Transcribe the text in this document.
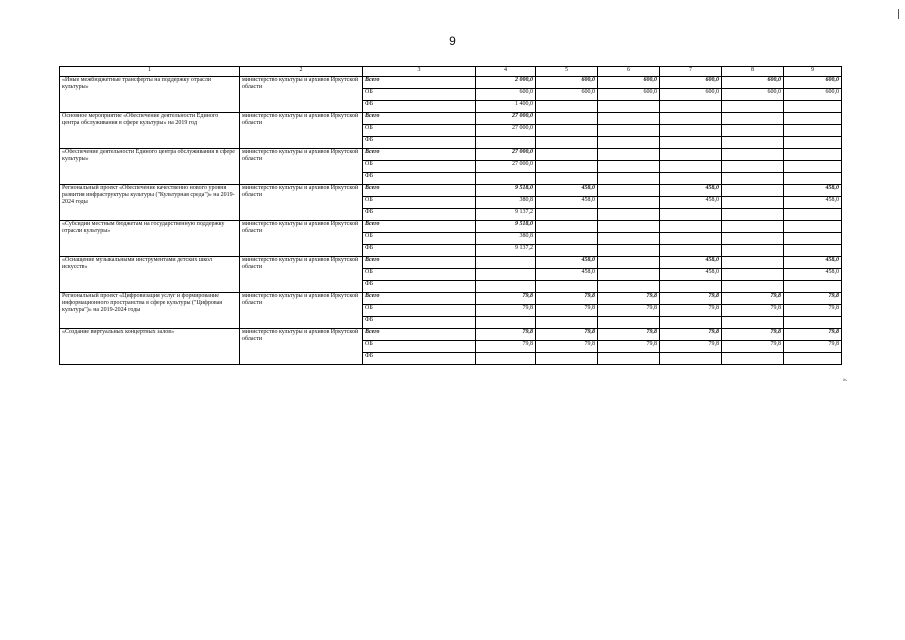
9
1	2	3	4	5	6	7	8	9
«Иные межбюджетные трансферты на поддержку отрасли культуры»	министерство культуры и архивов Иркутской области	Всего	2 000,0	600,0	600,0	600,0	600,0	600,0
		ОБ	600,0	600,0	600,0	600,0	600,0	600,0
		ФБ	1 400,0					
Основное мероприятие «Обеспечение деятельности Единого центра обслуживания в сфере культуры» на 2019 год	министерство культуры и архивов Иркутской области	Всего	27 000,0					
		ОБ	27 000,0					
		ФБ						
«Обеспечение деятельности Единого центра обслуживания в сфере культуры»	министерство культуры и архивов Иркутской области	Всего	27 000,0					
		ОБ	27 000,0					
		ФБ						
Региональный проект «Обеспечение качественно нового уровня развития инфраструктуры культуры ("Культурная среда")» на 2019-2024 годы	министерство культуры и архивов Иркутской области	Всего	9 518,0	458,0		458,0		458,0
		ОБ	380,8	458,0		458,0		458,0
		ФБ	9 137,2					
«Субсидии местным бюджетам на государственную поддержку отрасли культуры»	министерство культуры и архивов Иркутской области	Всего	9 518,0					
		ОБ	380,8					
		ФБ	9 137,2					
«Оснащение музыкальными инструментами детских школ искусств»	министерство культуры и архивов Иркутской области	Всего		458,0		458,0		458,0
		ОБ		458,0		458,0		458,0
		ФБ						
Региональный проект «Цифровизация услуг и формирование информационного пространства в сфере культуры ("Цифровая культура")» на 2019-2024 годы	министерство культуры и архивов Иркутской области	Всего	79,8	79,8	79,8	79,8	79,8	79,8
		ОБ	79,8	79,8	79,8	79,8	79,8	79,8
		ФБ						
«Создание виртуальных концертных залов»	министерство культуры и архивов Иркутской области	Всего	79,8	79,8	79,8	79,8	79,8	79,8
		ОБ	79,8	79,8	79,8	79,8	79,8	79,8
		ФБ						
».
